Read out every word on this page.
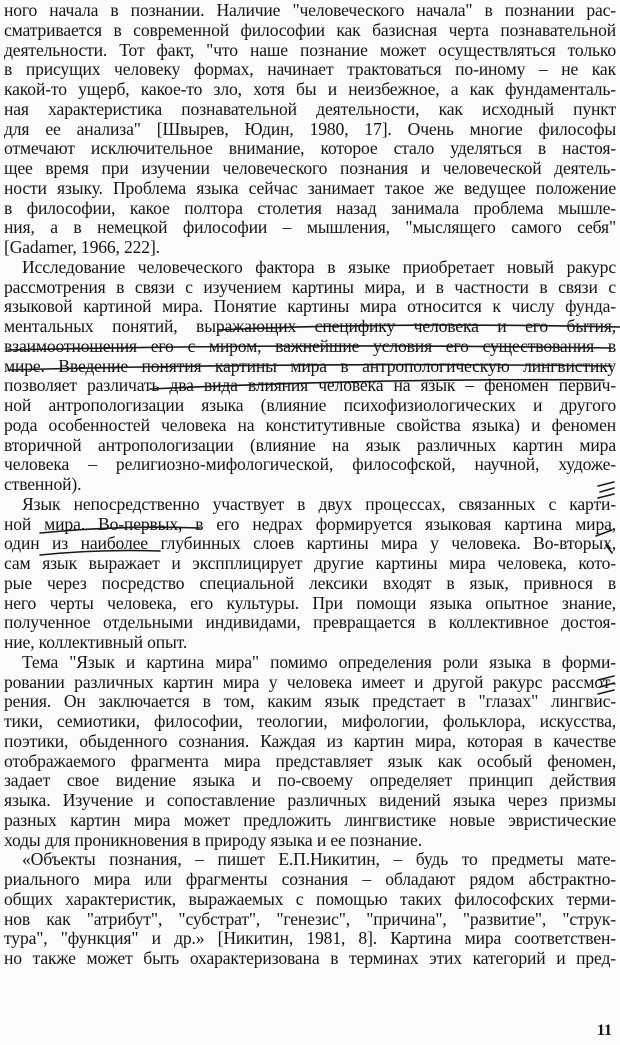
ного начала в познании. Наличие "человеческого начала" в познании рас-
сматривается в современной философии как базисная черта познавательной
деятельности. Тот факт, "что наше познание может осуществляться только
в присущих человеку формах, начинает трактоваться по-иному – не как
какой-то ущерб, какое-то зло, хотя бы и неизбежное, а как фундаменталь-
ная характеристика познавательной деятельности, как исходный пункт
для ее анализа" [Швырев, Юдин, 1980, 17]. Очень многие философы
отмечают исключительное внимание, которое стало уделяться в настоя-
щее время при изучении человеческого познания и человеческой деятель-
ности языку. Проблема языка сейчас занимает такое же ведущее положение
в философии, какое полтора столетия назад занимала проблема мышле-
ния, а в немецкой философии – мышления, "мыслящего самого себя"
[Gadamer, 1966, 222].
Исследование человеческого фактора в языке приобретает новый ракурс
рассмотрения в связи с изучением картины мира, и в частности в связи с
языковой картиной мира. Понятие картины мира относится к числу фунда-
ментальных понятий, выражающих специфику человека и его бытия,
взаимоотношения его с миром, важнейшие условия его существования в
мире. Введение понятия картины мира в антропологическую лингвистику
позволяет различать два вида влияния человека на язык – феномен первич-
ной антропологизации языка (влияние психофизиологических и другого
рода особенностей человека на конститутивные свойства языка) и феномен
вторичной антропологизации (влияние на язык различных картин мира
человека – религиозно-мифологической, философской, научной, художе-
ственной).
Язык непосредственно участвует в двух процессах, связанных с карти-
ной мира. Во-первых, в его недрах формируется языковая картина мира,
один из наиболее глубинных слоев картины мира у человека. Во-вторых,
сам язык выражает и экспплицирует другие картины мира человека, кото-
рые через посредство специальной лексики входят в язык, привнося в
него черты человека, его культуры. При помощи языка опытное знание,
полученное отдельными индивидами, превращается в коллективное достоя-
ние, коллективный опыт.
Тема "Язык и картина мира" помимо определения роли языка в форми-
ровании различных картин мира у человека имеет и другой ракурс рассмот-
рения. Он заключается в том, каким язык предстает в "глазах" лингвис-
тики, семиотики, философии, теологии, мифологии, фольклора, искусства,
поэтики, обыденного сознания. Каждая из картин мира, которая в качестве
отображаемого фрагмента мира представляет язык как особый феномен,
задает свое видение языка и по-своему определяет принцип действия
языка. Изучение и сопоставление различных видений языка через призмы
разных картин мира может предложить лингвистике новые эвристические
ходы для проникновения в природу языка и ее познание.
«Объекты познания, – пишет Е.П.Никитин, – будь то предметы мате-
риального мира или фрагменты сознания – обладают рядом абстрактно-
общих характеристик, выражаемых с помощью таких философских терми-
нов как "атрибут", "субстрат", "генезис", "причина", "развитие", "струк-
тура", "функция" и др.» [Никитин, 1981, 8]. Картина мира соответствен-
но также может быть охарактеризована в терминах этих категорий и пред-
11
